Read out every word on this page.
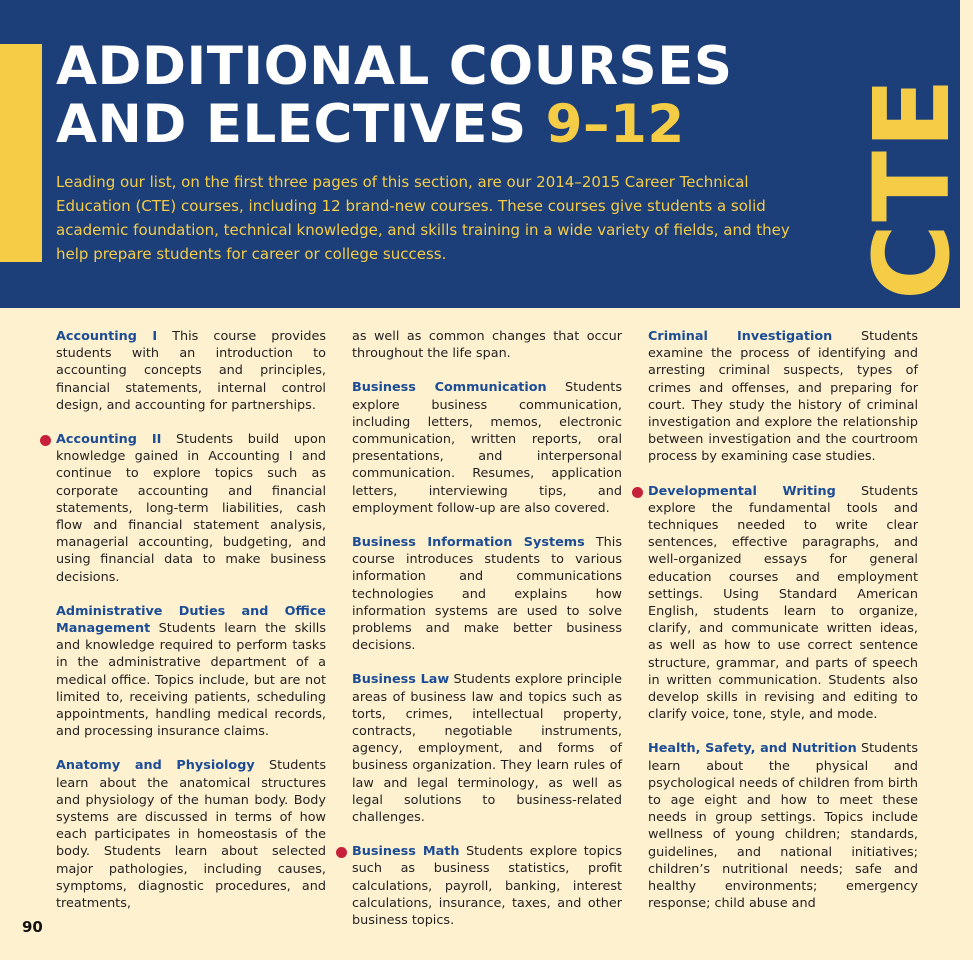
ADDITIONAL COURSES
AND ELECTIVES 9–12

Leading our list, on the first three pages of this section, are our 2014–2015 Career Technical Education (CTE) courses, including 12 brand-new courses. These courses give students a solid academic foundation, technical knowledge, and skills training in a wide variety of fields, and they help prepare students for career or college success.	CTE

Accounting I This course provides students with an introduction to accounting concepts and principles, financial statements, internal control design, and accounting for partnerships.

Accounting II Students build upon knowledge gained in Accounting I and continue to explore topics such as corporate accounting and financial statements, long-term liabilities, cash flow and financial statement analysis, managerial accounting, budgeting, and using financial data to make business decisions.

Administrative Duties and Office Management Students learn the skills and knowledge required to perform tasks in the administrative department of a medical office. Topics include, but are not limited to, receiving patients, scheduling appointments, handling medical records, and processing insurance claims.

Anatomy and Physiology Students learn about the anatomical structures and physiology of the human body. Body systems are discussed in terms of how each participates in homeostasis of the body. Students learn about selected major pathologies, including causes, symptoms, diagnostic procedures, and treatments,

as well as common changes that occur throughout the life span.

Business Communication Students explore business communication, including letters, memos, electronic communication, written reports, oral presentations, and interpersonal communication. Resumes, application letters, interviewing tips, and employment follow-up are also covered.

Business Information Systems This course introduces students to various information and communications technologies and explains how information systems are used to solve problems and make better business decisions.

Business Law Students explore principle areas of business law and topics such as torts, crimes, intellectual property, contracts, negotiable instruments, agency, employment, and forms of business organization. They learn rules of law and legal terminology, as well as legal solutions to business-related challenges.

Business Math Students explore topics such as business statistics, profit calculations, payroll, banking, interest calculations, insurance, taxes, and other business topics.

Criminal Investigation Students examine the process of identifying and arresting criminal suspects, types of crimes and offenses, and preparing for court. They study the history of criminal investigation and explore the relationship between investigation and the courtroom process by examining case studies.

Developmental Writing Students explore the fundamental tools and techniques needed to write clear sentences, effective paragraphs, and well-organized essays for general education courses and employment settings. Using Standard American English, students learn to organize, clarify, and communicate written ideas, as well as how to use correct sentence structure, grammar, and parts of speech in written communication. Students also develop skills in revising and editing to clarify voice, tone, style, and mode.

Health, Safety, and Nutrition Students learn about the physical and psychological needs of children from birth to age eight and how to meet these needs in group settings. Topics include wellness of young children; standards, guidelines, and national initiatives; children’s nutritional needs; safe and healthy environments; emergency response; child abuse and

90
